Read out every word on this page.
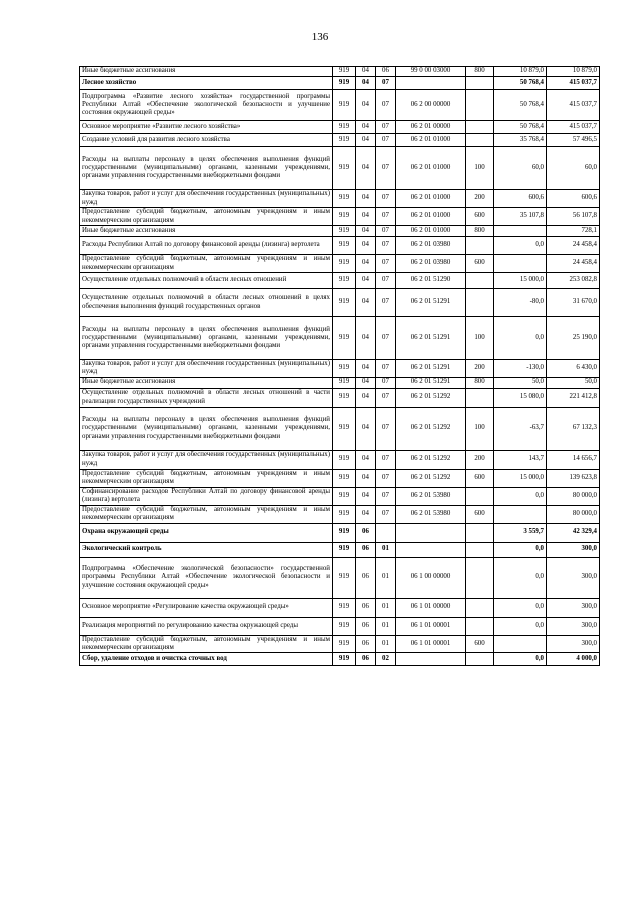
136
Иные бюджетные ассигнования	919	04	06	99 0 00 03000	800	10 879,0	10 879,0
Лесное хозяйство	919	04	07			50 768,4	415 037,7
Подпрограмма «Развитие лесного хозяйства» государственной программы Республики Алтай «Обеспечение экологической безопасности и улучшение состояния окружающей среды»	919	04	07	06 2 00 00000		50 768,4	415 037,7
Основное мероприятие «Развитие лесного хозяйства»	919	04	07	06 2 01 00000		50 768,4	415 037,7
Создание условий для развития лесного хозяйства	919	04	07	06 2 01 01000		35 768,4	57 496,5
Расходы на выплаты персоналу в целях обеспечения выполнения функций государственными (муниципальными) органами, казенными учреждениями, органами управления государственными внебюджетными фондами	919	04	07	06 2 01 01000	100	60,0	60,0
Закупка товаров, работ и услуг для обеспечения государственных (муниципальных) нужд	919	04	07	06 2 01 01000	200	600,6	600,6
Предоставление субсидий бюджетным, автономным учреждениям и иным некоммерческим организациям	919	04	07	06 2 01 01000	600	35 107,8	56 107,8
Иные бюджетные ассигнования	919	04	07	06 2 01 01000	800		728,1
Расходы Республики Алтай по договору финансовой аренды (лизинга) вертолета	919	04	07	06 2 01 03980		0,0	24 458,4
Предоставление субсидий бюджетным, автономным учреждениям и иным некоммерческим организациям	919	04	07	06 2 01 03980	600		24 458,4
Осуществление отдельных полномочий в области лесных отношений	919	04	07	06 2 01 51290		15 000,0	253 082,8
Осуществление отдельных полномочий в области лесных отношений в целях обеспечения выполнения функций государственных органов	919	04	07	06 2 01 51291		-80,0	31 670,0
Расходы на выплаты персоналу в целях обеспечения выполнения функций государственными (муниципальными) органами, казенными учреждениями, органами управления государственными внебюджетными фондами	919	04	07	06 2 01 51291	100	0,0	25 190,0
Закупка товаров, работ и услуг для обеспечения государственных (муниципальных) нужд	919	04	07	06 2 01 51291	200	-130,0	6 430,0
Иные бюджетные ассигнования	919	04	07	06 2 01 51291	800	50,0	50,0
Осуществление отдельных полномочий в области лесных отношений в части реализации государственных учреждений	919	04	07	06 2 01 51292		15 080,0	221 412,8
Расходы на выплаты персоналу в целях обеспечения выполнения функций государственными (муниципальными) органами, казенными учреждениями, органами управления государственными внебюджетными фондами	919	04	07	06 2 01 51292	100	-63,7	67 132,3
Закупка товаров, работ и услуг для обеспечения государственных (муниципальных) нужд	919	04	07	06 2 01 51292	200	143,7	14 656,7
Предоставление субсидий бюджетным, автономным учреждениям и иным некоммерческим организациям	919	04	07	06 2 01 51292	600	15 000,0	139 623,8
Софинансирование расходов Республики Алтай по договору финансовой аренды (лизинга) вертолета	919	04	07	06 2 01 53980		0,0	80 000,0
Предоставление субсидий бюджетным, автономным учреждениям и иным некоммерческим организациям	919	04	07	06 2 01 53980	600		80 000,0
Охрана окружающей среды	919	06				3 559,7	42 329,4
Экологический контроль	919	06	01			0,0	300,0
Подпрограмма «Обеспечение экологической безопасности» государственной программы Республики Алтай «Обеспечение экологической безопасности и улучшение состояния окружающей среды»	919	06	01	06 1 00 00000		0,0	300,0
Основное мероприятие «Регулирование качества окружающей среды»	919	06	01	06 1 01 00000		0,0	300,0
Реализация мероприятий по регулированию качества окружающей среды	919	06	01	06 1 01 00001		0,0	300,0
Предоставление субсидий бюджетным, автономным учреждениям и иным некоммерческим организациям	919	06	01	06 1 01 00001	600		300,0
Сбор, удаление отходов и очистка сточных вод	919	06	02			0,0	4 000,0
